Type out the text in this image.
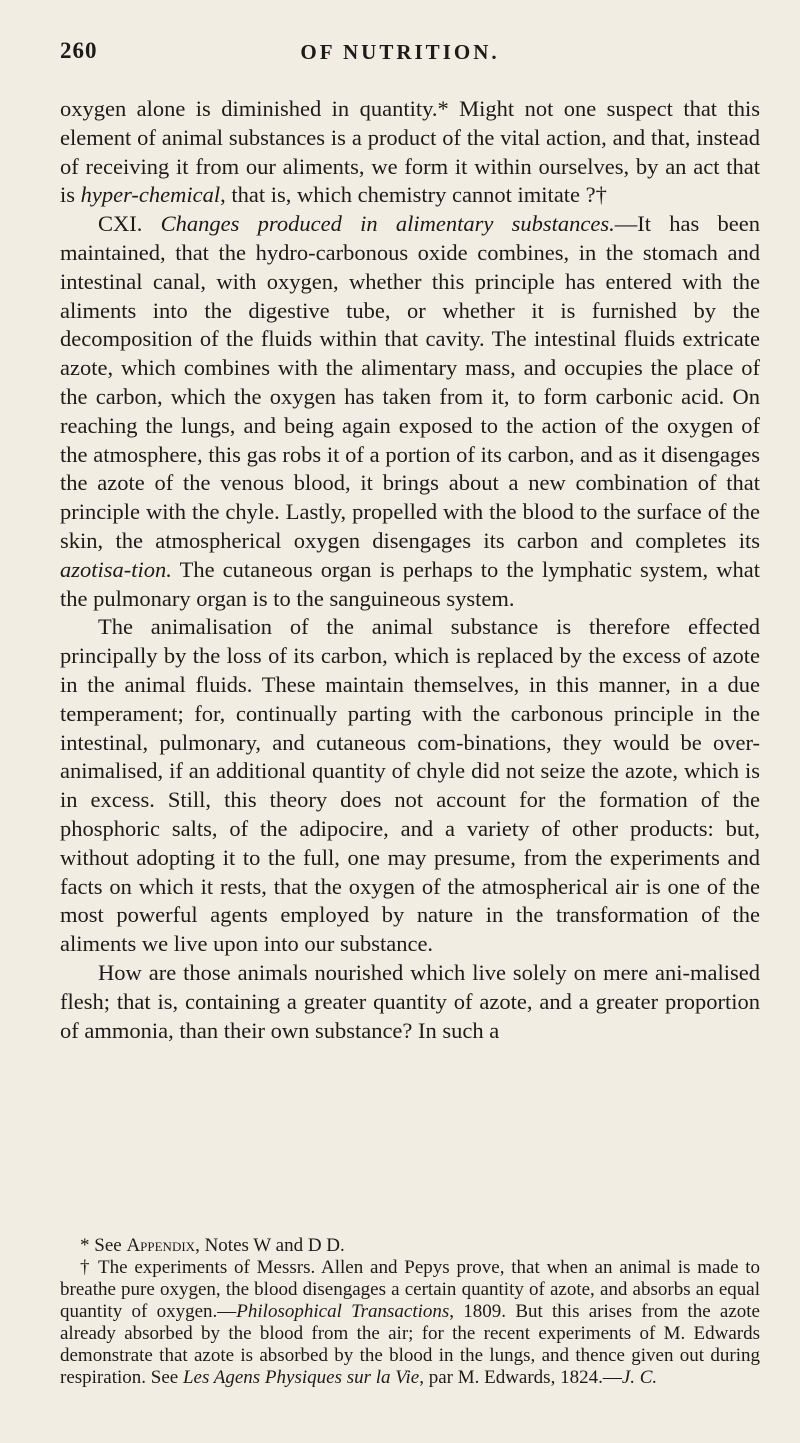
260	OF NUTRITION.

oxygen alone is diminished in quantity.* Might not one suspect that this element of animal substances is a product of the vital action, and that, instead of receiving it from our aliments, we form it within ourselves, by an act that is hyper-chemical, that is, which chemistry cannot imitate ?†

CXI. Changes produced in alimentary substances.—It has been maintained, that the hydro-carbonous oxide combines, in the stomach and intestinal canal, with oxygen, whether this principle has entered with the aliments into the digestive tube, or whether it is furnished by the decomposition of the fluids within that cavity. The intestinal fluids extricate azote, which combines with the alimentary mass, and occupies the place of the carbon, which the oxygen has taken from it, to form carbonic acid. On reaching the lungs, and being again exposed to the action of the oxygen of the atmosphere, this gas robs it of a portion of its carbon, and as it disengages the azote of the venous blood, it brings about a new combination of that principle with the chyle. Lastly, propelled with the blood to the surface of the skin, the atmospherical oxygen disengages its carbon and completes its azotisa-tion. The cutaneous organ is perhaps to the lymphatic system, what the pulmonary organ is to the sanguineous system.

The animalisation of the animal substance is therefore effected principally by the loss of its carbon, which is replaced by the excess of azote in the animal fluids. These maintain themselves, in this manner, in a due temperament; for, continually parting with the carbonous principle in the intestinal, pulmonary, and cutaneous com-binations, they would be over-animalised, if an additional quantity of chyle did not seize the azote, which is in excess. Still, this theory does not account for the formation of the phosphoric salts, of the adipocire, and a variety of other products: but, without adopting it to the full, one may presume, from the experiments and facts on which it rests, that the oxygen of the atmospherical air is one of the most powerful agents employed by nature in the transformation of the aliments we live upon into our substance.

How are those animals nourished which live solely on mere ani-malised flesh; that is, containing a greater quantity of azote, and a greater proportion of ammonia, than their own substance? In such a

* See Appendix, Notes W and D D.

† The experiments of Messrs. Allen and Pepys prove, that when an animal is made to breathe pure oxygen, the blood disengages a certain quantity of azote, and absorbs an equal quantity of oxygen.—Philosophical Transactions, 1809. But this arises from the azote already absorbed by the blood from the air; for the recent experiments of M. Edwards demonstrate that azote is absorbed by the blood in the lungs, and thence given out during respiration. See Les Agens Physiques sur la Vie, par M. Edwards, 1824.—J. C.
